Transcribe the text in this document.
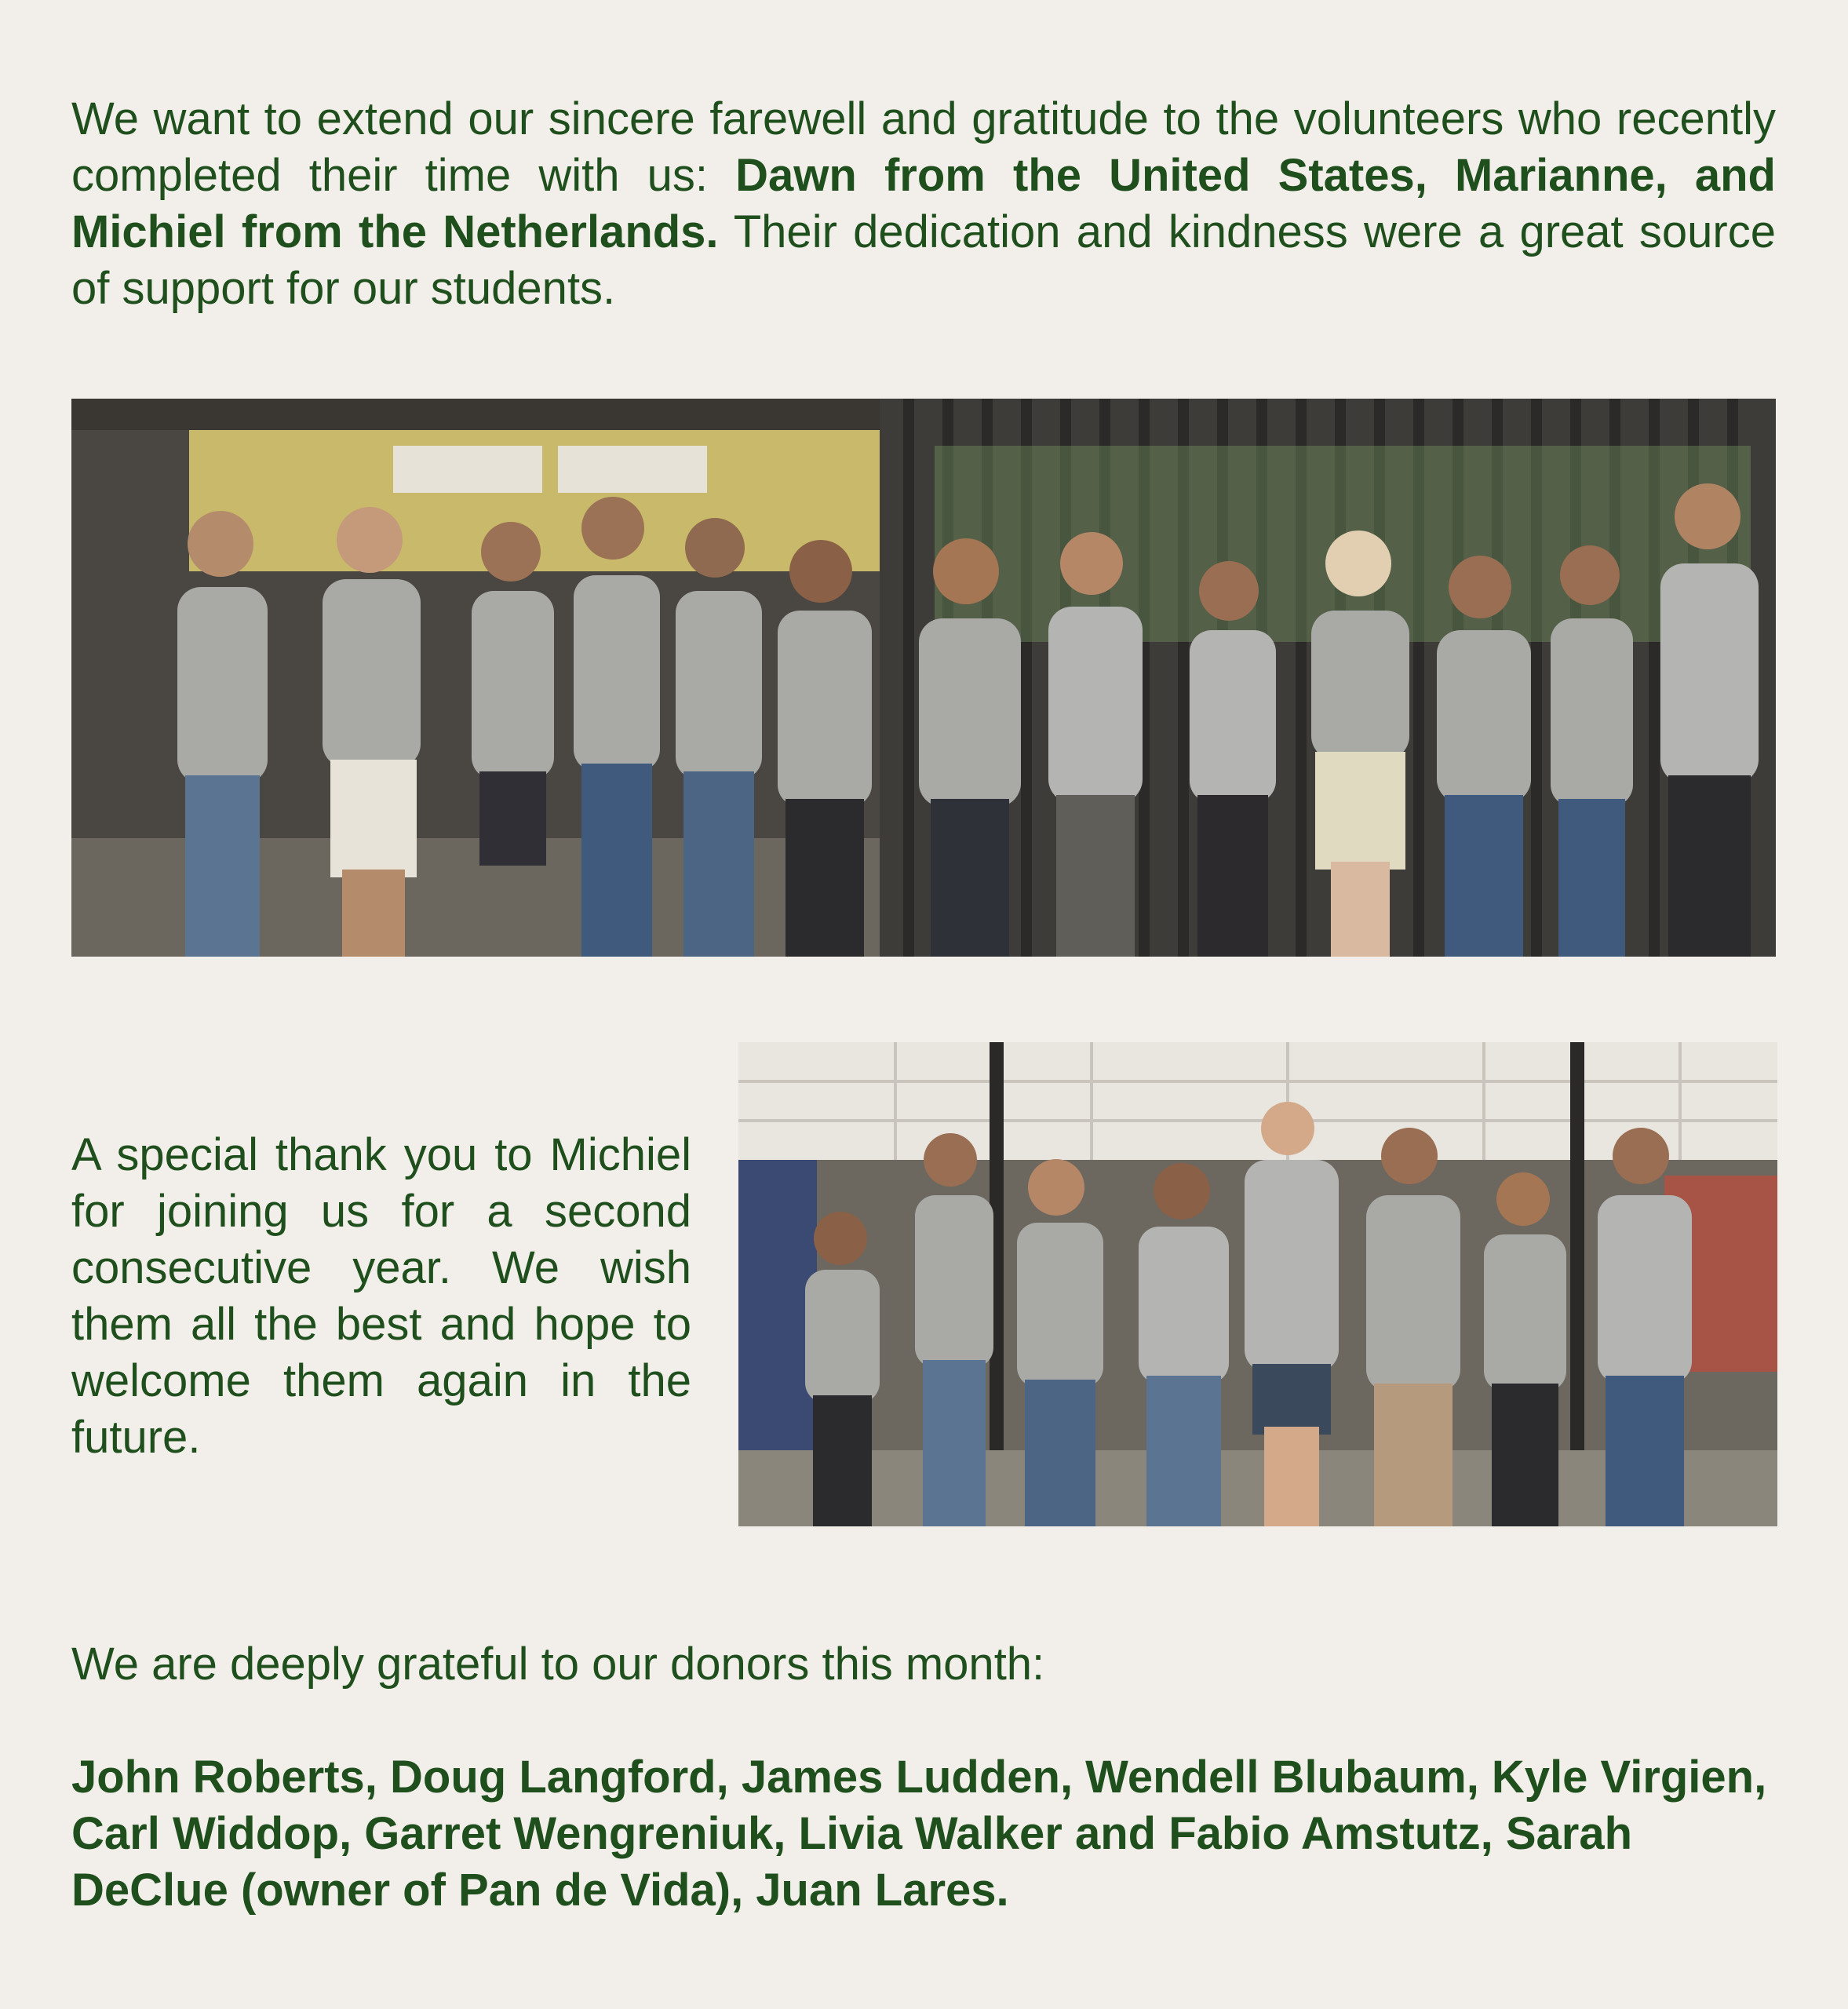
We want to extend our sincere farewell and gratitude to the volunteers who recently completed their time with us: Dawn from the United States, Marianne, and Michiel from the Netherlands. Their dedication and kindness were a great source of support for our students.

A special thank you to Michiel for joining us for a second consecutive year. We wish them all the best and hope to welcome them again in the future.

We are deeply grateful to our donors this month:

John Roberts, Doug Langford, James Ludden, Wendell Blubaum, Kyle Virgien, Carl Widdop, Garret Wengreniuk, Livia Walker and Fabio Amstutz, Sarah DeClue (owner of Pan de Vida), Juan Lares.
